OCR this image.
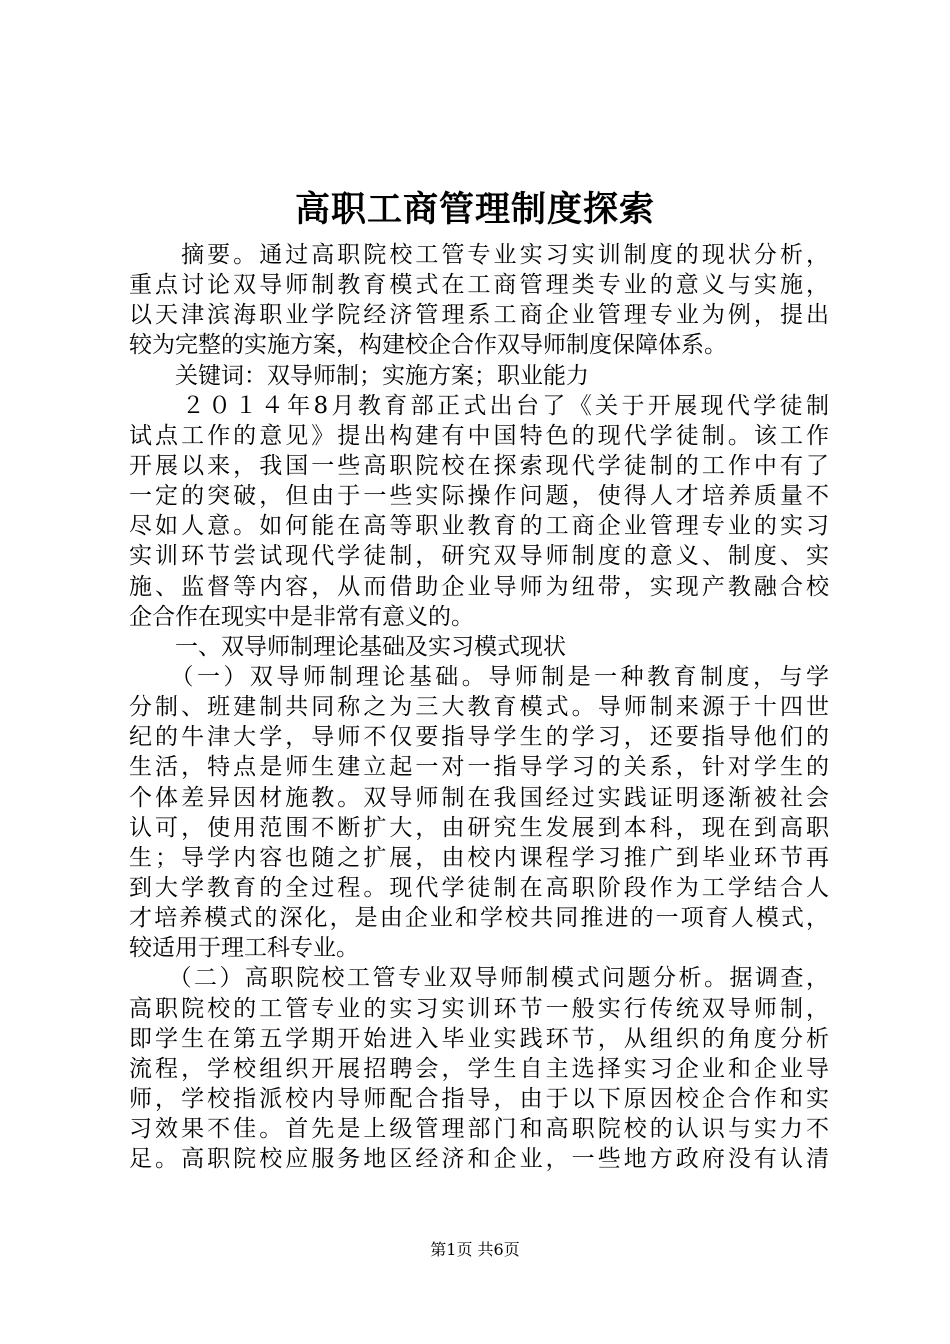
高职工商管理制度探索
　　摘要。通过高职院校工管专业实习实训制度的现状分析，
重点讨论双导师制教育模式在工商管理类专业的意义与实施，
以天津滨海职业学院经济管理系工商企业管理专业为例，提出
较为完整的实施方案，构建校企合作双导师制度保障体系。
　　关键词：双导师制；实施方案；职业能力
　　２０１４年8月教育部正式出台了《关于开展现代学徒制
试点工作的意见》提出构建有中国特色的现代学徒制。该工作
开展以来，我国一些高职院校在探索现代学徒制的工作中有了
一定的突破，但由于一些实际操作问题，使得人才培养质量不
尽如人意。如何能在高等职业教育的工商企业管理专业的实习
实训环节尝试现代学徒制，研究双导师制度的意义、制度、实
施、监督等内容，从而借助企业导师为纽带，实现产教融合校
企合作在现实中是非常有意义的。
　　一、双导师制理论基础及实习模式现状
　　（一）双导师制理论基础。导师制是一种教育制度，与学
分制、班建制共同称之为三大教育模式。导师制来源于十四世
纪的牛津大学，导师不仅要指导学生的学习，还要指导他们的
生活，特点是师生建立起一对一指导学习的关系，针对学生的
个体差异因材施教。双导师制在我国经过实践证明逐渐被社会
认可，使用范围不断扩大，由研究生发展到本科，现在到高职
生；导学内容也随之扩展，由校内课程学习推广到毕业环节再
到大学教育的全过程。现代学徒制在高职阶段作为工学结合人
才培养模式的深化，是由企业和学校共同推进的一项育人模式，
较适用于理工科专业。
　　（二）高职院校工管专业双导师制模式问题分析。据调查，
高职院校的工管专业的实习实训环节一般实行传统双导师制，
即学生在第五学期开始进入毕业实践环节，从组织的角度分析
流程，学校组织开展招聘会，学生自主选择实习企业和企业导
师，学校指派校内导师配合指导，由于以下原因校企合作和实
习效果不佳。首先是上级管理部门和高职院校的认识与实力不
足。高职院校应服务地区经济和企业，一些地方政府没有认清
第1页 共6页
